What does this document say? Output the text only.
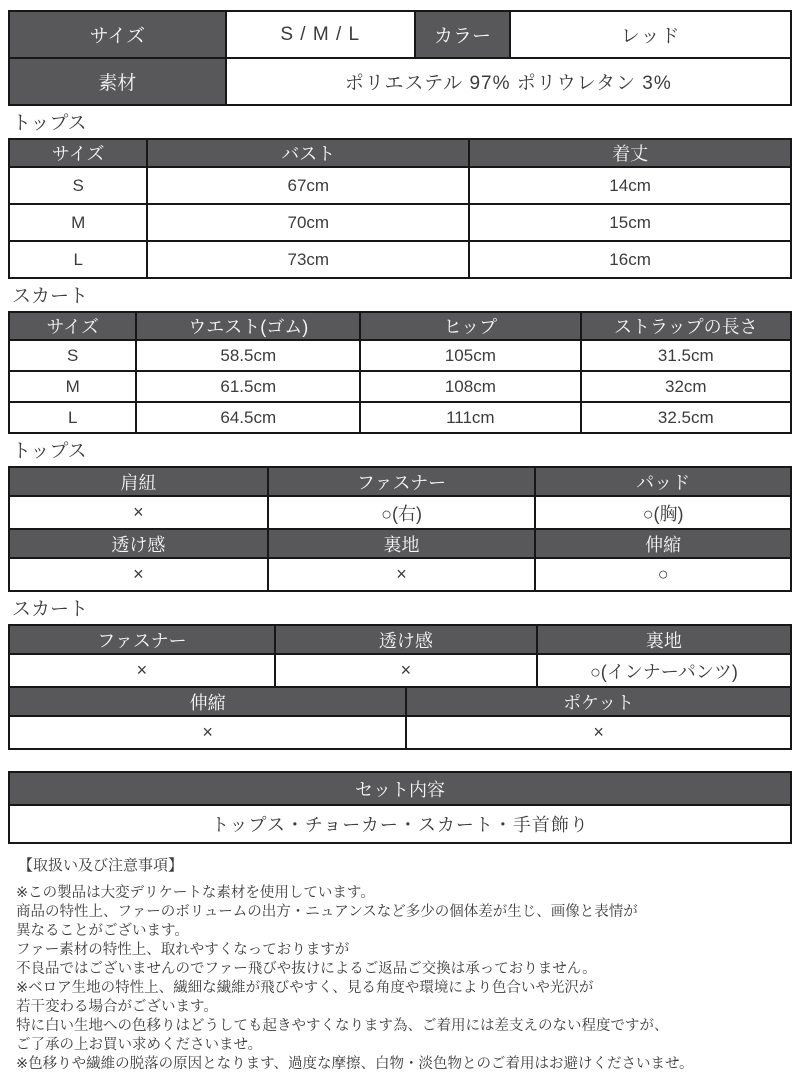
サイズ	S / M / L	カラー	レッド
素材	ポリエステル 97% ポリウレタン 3%		
トップス
サイズ	バスト	着丈
S	67cm	14cm
M	70cm	15cm
L	73cm	16cm
スカート
サイズ	ウエスト(ゴム)	ヒップ	ストラップの長さ
S	58.5cm	105cm	31.5cm
M	61.5cm	108cm	32cm
L	64.5cm	111cm	32.5cm
トップス
肩紐	ファスナー	パッド
×	○(右)	○(胸)
透け感	裏地	伸縮
×	×	○
スカート
ファスナー	透け感	裏地
×	×	○(インナーパンツ)
伸縮	ポケット
×	×
セット内容
トップス・チョーカー・スカート・手首飾り
【取扱い及び注意事項】
※この製品は大変デリケートな素材を使用しています。
商品の特性上、ファーのボリュームの出方・ニュアンスなど多少の個体差が生じ、画像と表情が
異なることがございます。
ファー素材の特性上、取れやすくなっておりますが
不良品ではございませんのでファー飛びや抜けによるご返品ご交換は承っておりません。
※ベロア生地の特性上、繊細な繊維が飛びやすく、見る角度や環境により色合いや光沢が
若干変わる場合がございます。
特に白い生地への色移りはどうしても起きやすくなります為、ご着用には差支えのない程度ですが、
ご了承の上お買い求めくださいませ。
※色移りや繊維の脱落の原因となります、過度な摩擦、白物・淡色物とのご着用はお避けくださいませ。
